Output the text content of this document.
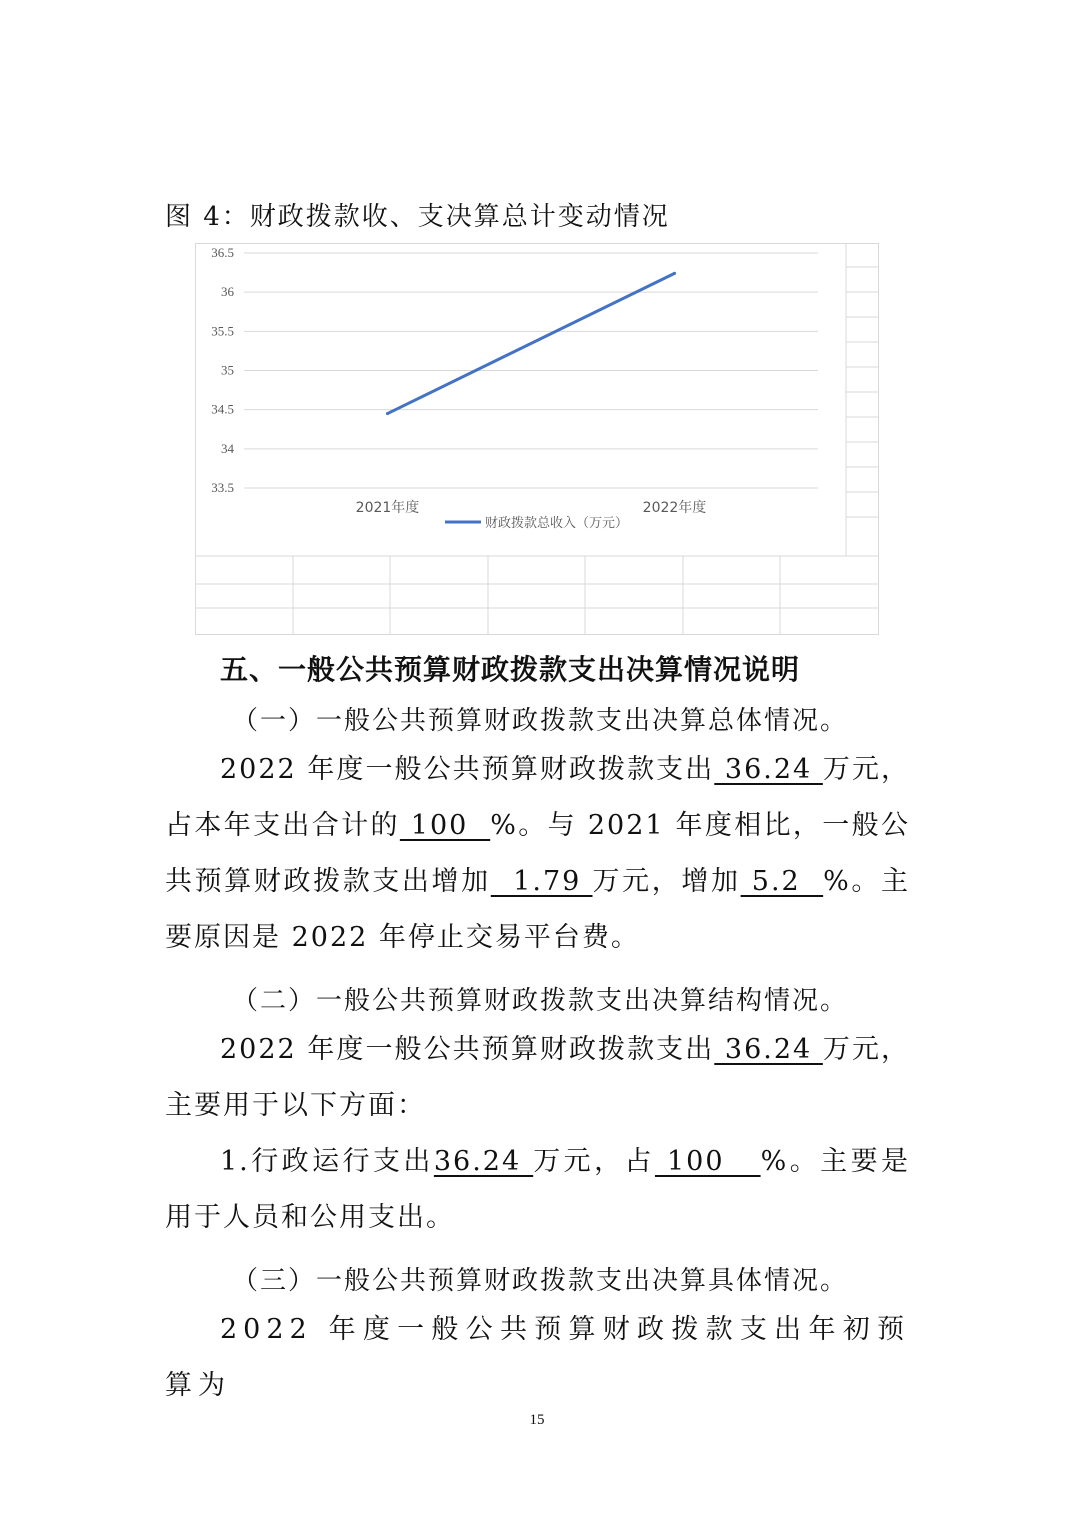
图 4：财政拨款收、支决算总计变动情况
36.5
36
35.5
35
34.5
34
33.5
2021年度	2022年度
财政拨款总收入（万元）
五、一般公共预算财政拨款支出决算情况说明
（一）一般公共预算财政拨款支出决算总体情况。
2022 年度一般公共预算财政拨款支出 36.24 万元，占本年支出合计的 100  %。与 2021 年度相比，一般公共预算财政拨款支出增加  1.79 万元，增加 5.2  %。主要原因是 2022 年停止交易平台费。
（二）一般公共预算财政拨款支出决算结构情况。
2022 年度一般公共预算财政拨款支出 36.24 万元，主要用于以下方面：
1.行政运行支出36.24 万元，占 100   %。主要是用于人员和公用支出。
（三）一般公共预算财政拨款支出决算具体情况。
2022 年度一般公共预算财政拨款支出年初预算为
15
